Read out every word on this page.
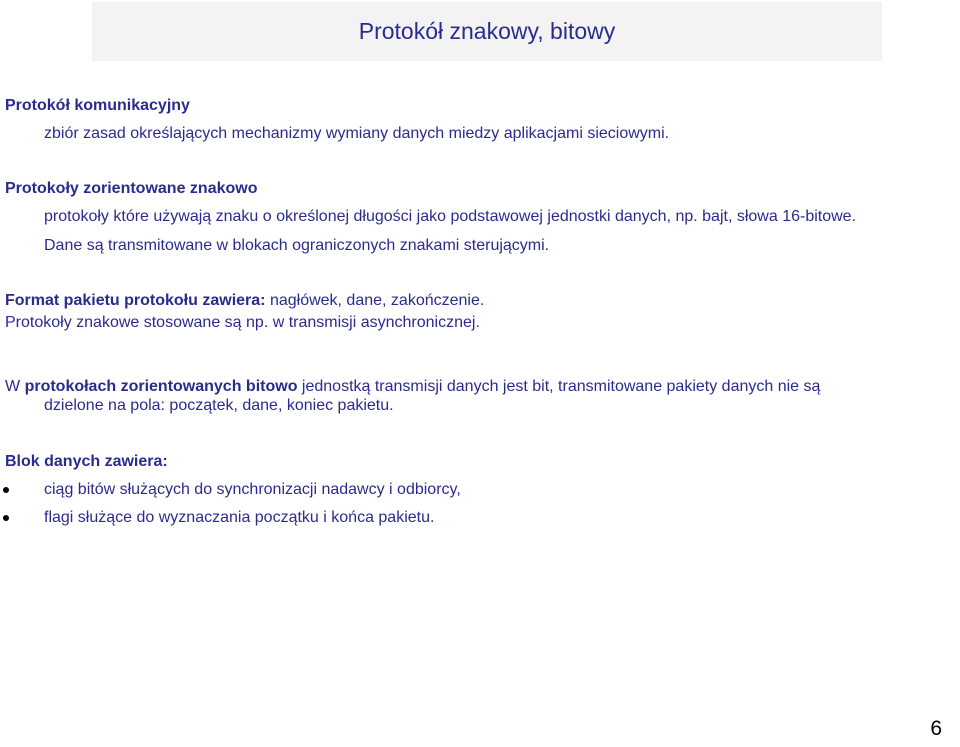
Protokół znakowy, bitowy
Protokół komunikacyjny
zbiór zasad określających mechanizmy wymiany danych miedzy aplikacjami sieciowymi.
Protokoły zorientowane znakowo
protokoły które używają znaku o określonej długości jako podstawowej jednostki danych, np. bajt, słowa 16-bitowe.
Dane są transmitowane w blokach ograniczonych znakami sterującymi.
Format pakietu protokołu zawiera: nagłówek, dane, zakończenie.
Protokoły znakowe stosowane są np. w transmisji asynchronicznej.
W protokołach zorientowanych bitowo jednostką transmisji danych jest bit, transmitowane pakiety danych nie są
dzielone na pola: początek, dane, koniec pakietu.
Blok danych zawiera:
ciąg bitów służących do synchronizacji nadawcy i odbiorcy,
flagi służące do wyznaczania początku i końca pakietu.
6
